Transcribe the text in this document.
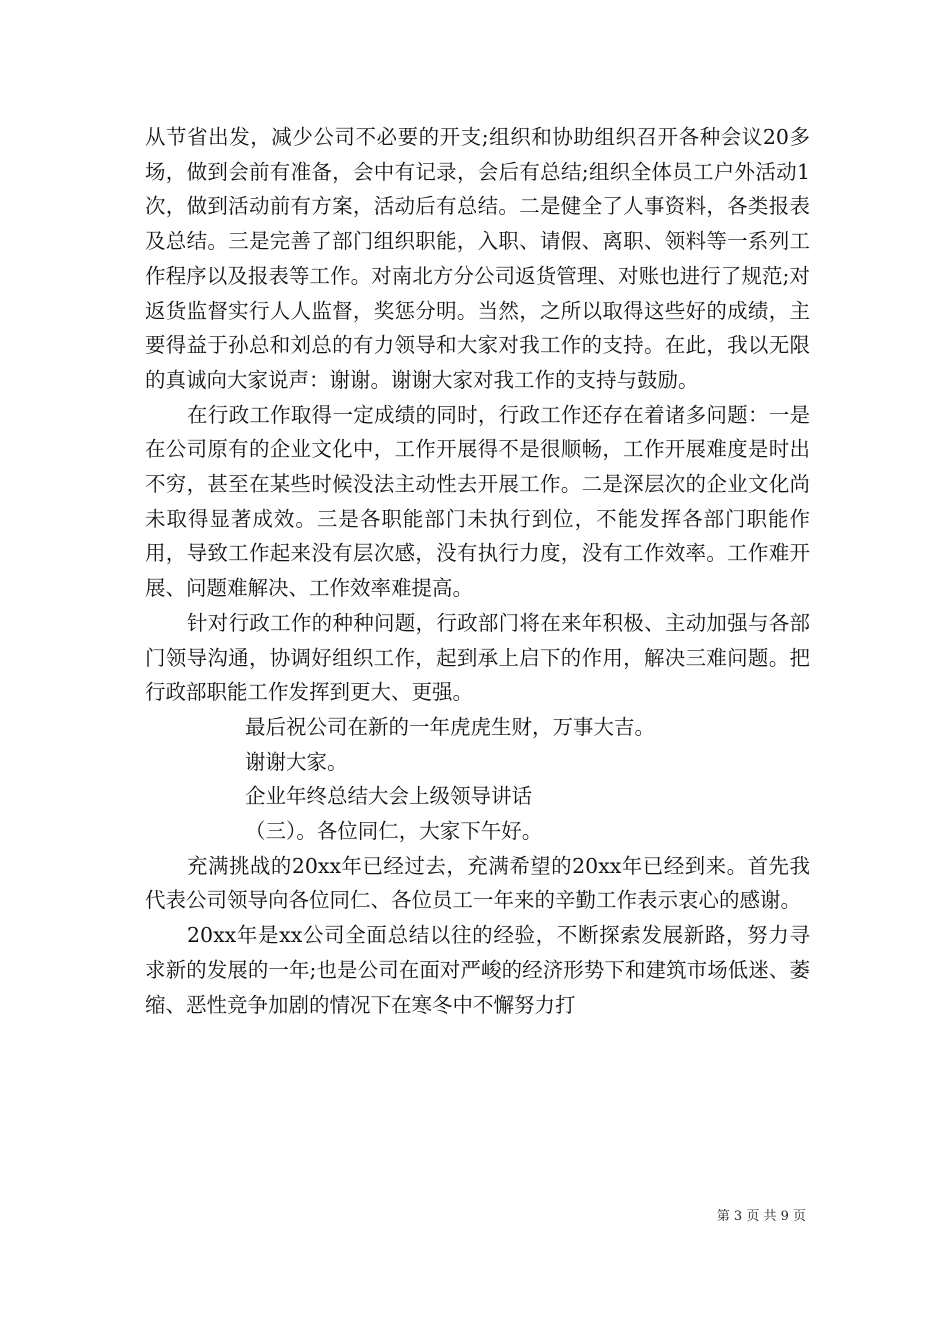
从节省出发，减少公司不必要的开支;组织和协助组织召开各种会议20多场，做到会前有准备，会中有记录，会后有总结;组织全体员工户外活动1次，做到活动前有方案，活动后有总结。二是健全了人事资料，各类报表及总结。三是完善了部门组织职能，入职、请假、离职、领料等一系列工作程序以及报表等工作。对南北方分公司返货管理、对账也进行了规范;对返货监督实行人人监督，奖惩分明。当然，之所以取得这些好的成绩，主要得益于孙总和刘总的有力领导和大家对我工作的支持。在此，我以无限的真诚向大家说声：谢谢。谢谢大家对我工作的支持与鼓励。

在行政工作取得一定成绩的同时，行政工作还存在着诸多问题：一是在公司原有的企业文化中，工作开展得不是很顺畅，工作开展难度是时出不穷，甚至在某些时候没法主动性去开展工作。二是深层次的企业文化尚未取得显著成效。三是各职能部门未执行到位，不能发挥各部门职能作用，导致工作起来没有层次感，没有执行力度，没有工作效率。工作难开展、问题难解决、工作效率难提高。

针对行政工作的种种问题，行政部门将在来年积极、主动加强与各部门领导沟通，协调好组织工作，起到承上启下的作用，解决三难问题。把行政部职能工作发挥到更大、更强。

最后祝公司在新的一年虎虎生财，万事大吉。

谢谢大家。

企业年终总结大会上级领导讲话

（三）。各位同仁，大家下午好。

充满挑战的20xx年已经过去，充满希望的20xx年已经到来。首先我代表公司领导向各位同仁、各位员工一年来的辛勤工作表示衷心的感谢。

20xx年是xx公司全面总结以往的经验，不断探索发展新路，努力寻求新的发展的一年;也是公司在面对严峻的经济形势下和建筑市场低迷、萎缩、恶性竞争加剧的情况下在寒冬中不懈努力打

第 3 页 共 9 页
